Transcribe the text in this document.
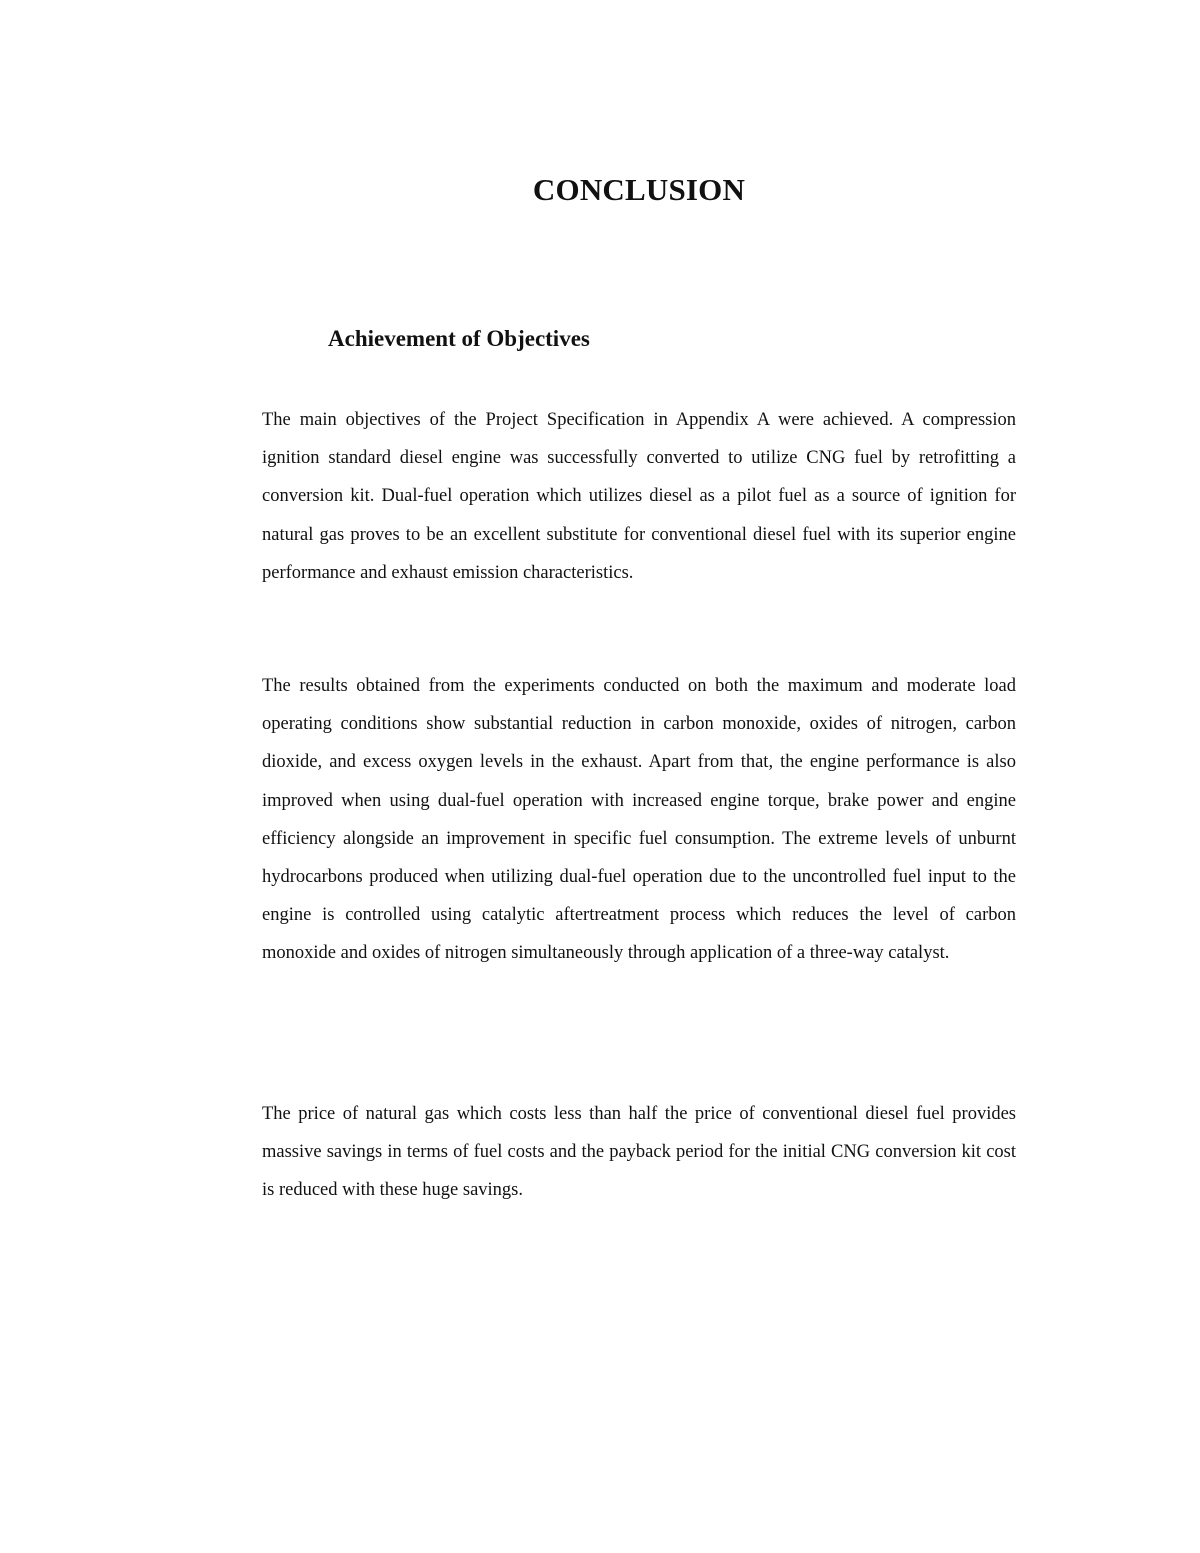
CONCLUSION
Achievement of Objectives

The main objectives of the Project Specification in Appendix A were achieved. A compression ignition standard diesel engine was successfully converted to utilize CNG fuel by retrofitting a conversion kit. Dual-fuel operation which utilizes diesel as a pilot fuel as a source of ignition for natural gas proves to be an excellent substitute for conventional diesel fuel with its superior engine performance and exhaust emission characteristics.

The results obtained from the experiments conducted on both the maximum and moderate load operating conditions show substantial reduction in carbon monoxide, oxides of nitrogen, carbon dioxide, and excess oxygen levels in the exhaust. Apart from that, the engine performance is also improved when using dual-fuel operation with increased engine torque, brake power and engine efficiency alongside an improvement in specific fuel consumption. The extreme levels of unburnt hydrocarbons produced when utilizing dual-fuel operation due to the uncontrolled fuel input to the engine is controlled using catalytic aftertreatment process which reduces the level of carbon monoxide and oxides of nitrogen simultaneously through application of a three-way catalyst.

The price of natural gas which costs less than half the price of conventional diesel fuel provides massive savings in terms of fuel costs and the payback period for the initial CNG conversion kit cost is reduced with these huge savings.
